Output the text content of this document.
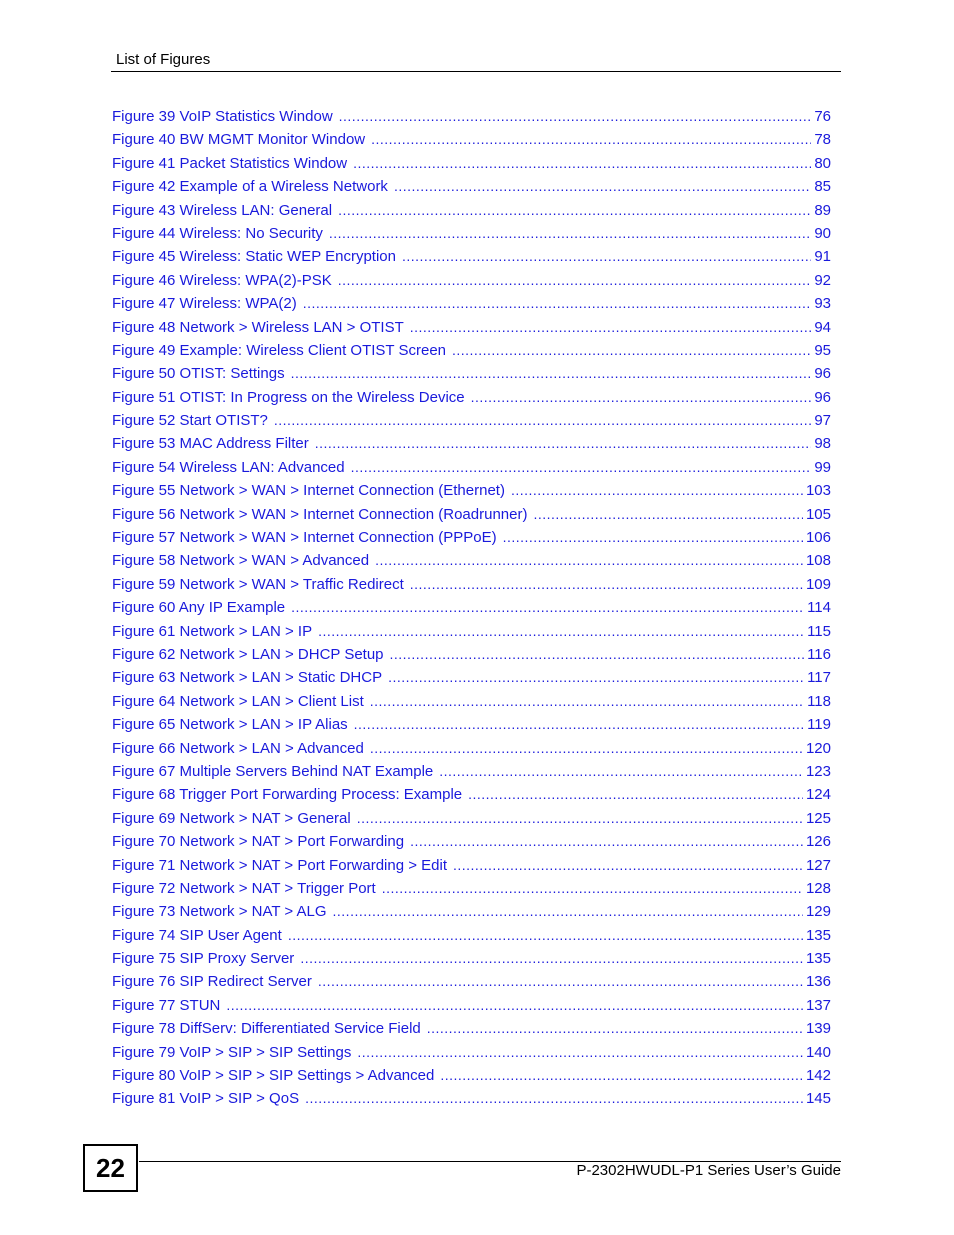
List of Figures
Figure 39 VoIP Statistics Window . . .	76
Figure 40 BW MGMT Monitor Window . . .	78
Figure 41 Packet Statistics Window . . .	80
Figure 42 Example of a Wireless Network . . .	85
Figure 43 Wireless LAN: General . . .	89
Figure 44 Wireless: No Security . . .	90
Figure 45 Wireless: Static WEP Encryption . . .	91
Figure 46 Wireless: WPA(2)-PSK . . .	92
Figure 47 Wireless: WPA(2) . . .	93
Figure 48 Network > Wireless LAN > OTIST . . .	94
Figure 49 Example: Wireless Client OTIST Screen . . .	95
Figure 50 OTIST: Settings . . .	96
Figure 51 OTIST: In Progress on the Wireless Device . . .	96
Figure 52 Start OTIST? . . .	97
Figure 53 MAC Address Filter . . .	98
Figure 54 Wireless LAN: Advanced . . .	99
Figure 55 Network > WAN > Internet Connection (Ethernet) . . .	103
Figure 56 Network > WAN > Internet Connection (Roadrunner) . . .	105
Figure 57 Network > WAN > Internet Connection (PPPoE) . . .	106
Figure 58 Network > WAN > Advanced . . .	108
Figure 59 Network > WAN > Traffic Redirect . . .	109
Figure 60 Any IP Example . . .	114
Figure 61 Network > LAN > IP . . .	115
Figure 62 Network > LAN > DHCP Setup . . .	116
Figure 63 Network > LAN > Static DHCP . . .	117
Figure 64 Network > LAN > Client List . . .	118
Figure 65 Network > LAN > IP Alias . . .	119
Figure 66 Network > LAN > Advanced . . .	120
Figure 67 Multiple Servers Behind NAT Example . . .	123
Figure 68 Trigger Port Forwarding Process: Example . . .	124
Figure 69 Network > NAT > General . . .	125
Figure 70 Network > NAT > Port Forwarding . . .	126
Figure 71 Network > NAT > Port Forwarding > Edit . . .	127
Figure 72 Network > NAT > Trigger Port . . .	128
Figure 73 Network > NAT > ALG . . .	129
Figure 74 SIP User Agent . . .	135
Figure 75 SIP Proxy Server . . .	135
Figure 76 SIP Redirect Server . . .	136
Figure 77 STUN . . .	137
Figure 78 DiffServ: Differentiated Service Field . . .	139
Figure 79 VoIP > SIP > SIP Settings . . .	140
Figure 80 VoIP > SIP > SIP Settings > Advanced . . .	142
Figure 81 VoIP > SIP > QoS . . .	145
22	P-2302HWUDL-P1 Series User’s Guide
